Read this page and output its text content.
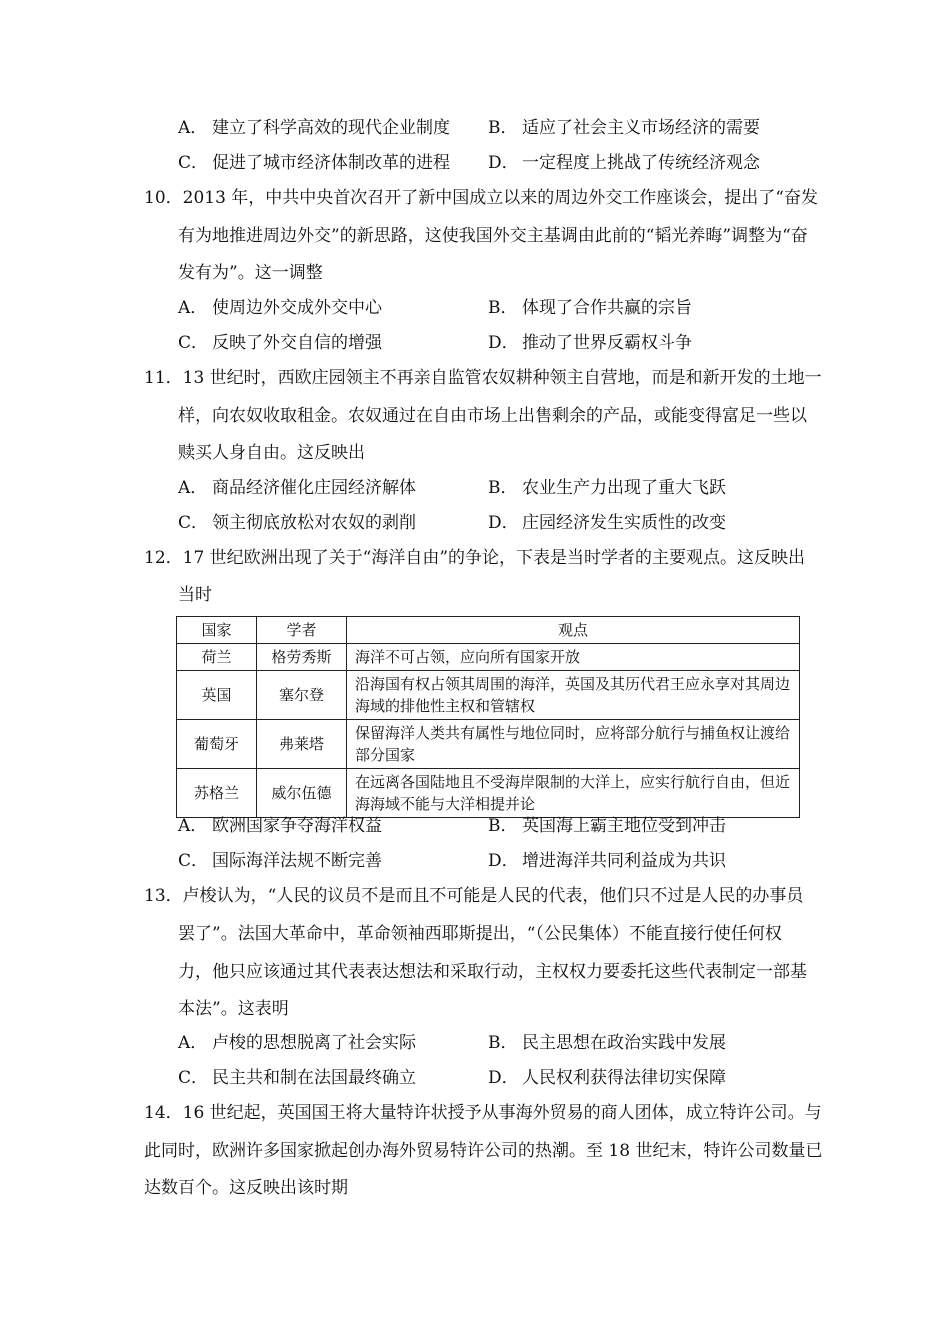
A． 建立了科学高效的现代企业制度 B． 适应了社会主义市场经济的需要
C． 促进了城市经济体制改革的进程 D． 一定程度上挑战了传统经济观念
10．2013 年，中共中央首次召开了新中国成立以来的周边外交工作座谈会，提出了“奋发
有为地推进周边外交”的新思路，这使我国外交主基调由此前的“韬光养晦”调整为“奋
发有为”。这一调整
A． 使周边外交成外交中心	B． 体现了合作共赢的宗旨
C． 反映了外交自信的增强	D． 推动了世界反霸权斗争
11．13 世纪时，西欧庄园领主不再亲自监管农奴耕种领主自营地，而是和新开发的土地一
样，向农奴收取租金。农奴通过在自由市场上出售剩余的产品，或能变得富足一些以
赎买人身自由。这反映出
A． 商品经济催化庄园经济解体	B． 农业生产力出现了重大飞跃
C． 领主彻底放松对农奴的剥削	D． 庄园经济发生实质性的改变
12．17 世纪欧洲出现了关于“海洋自由”的争论，下表是当时学者的主要观点。这反映出
当时
国家	学者	观点
荷兰	格劳秀斯	海洋不可占领，应向所有国家开放
英国	塞尔登	沿海国有权占领其周围的海洋，英国及其历代君王应永享对其周边海域的排他性主权和管辖权
葡萄牙	弗莱塔	保留海洋人类共有属性与地位同时，应将部分航行与捕鱼权让渡给部分国家
苏格兰	威尔伍德	在远离各国陆地且不受海岸限制的大洋上，应实行航行自由，但近海海域不能与大洋相提并论
A． 欧洲国家争夺海洋权益	B． 英国海上霸主地位受到冲击
C． 国际海洋法规不断完善	D． 增进海洋共同利益成为共识
13．卢梭认为，“人民的议员不是而且不可能是人民的代表，他们只不过是人民的办事员
罢了”。法国大革命中，革命领袖西耶斯提出，“（公民集体）不能直接行使任何权
力，他只应该通过其代表表达想法和采取行动，主权权力要委托这些代表制定一部基
本法”。这表明
A． 卢梭的思想脱离了社会实际	B． 民主思想在政治实践中发展
C． 民主共和制在法国最终确立	D． 人民权利获得法律切实保障
14．16 世纪起，英国国王将大量特许状授予从事海外贸易的商人团体，成立特许公司。与
此同时，欧洲许多国家掀起创办海外贸易特许公司的热潮。至 18 世纪末，特许公司数量已
达数百个。这反映出该时期
